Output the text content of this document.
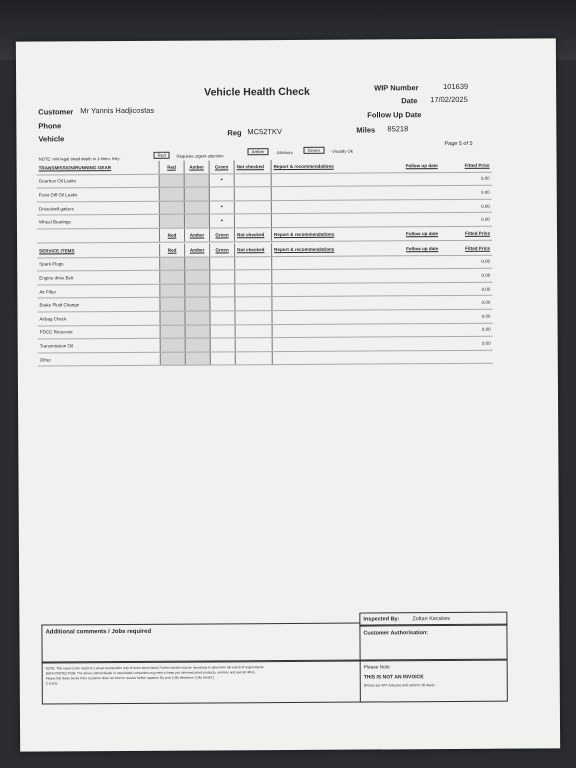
Vehicle Health Check
Customer Mr Yannis Hadjicostas
Phone
Vehicle
Reg MC52TKV
WIP Number	101639
Date 17/02/2025
Follow Up Date
Miles 85218
Page 5 of 5
NOTE: min legal tread depth is 1.6mm. Key:
Red	Requires urgent attention
Amber	- Advisory	Green	- Visually Ok
TRANSMISSION/RUNNING GEAR	Red	Amber	Green	Not checked	Report & recommendations	Follow up date	Fitted Price
Gearbox Oil Leaks			•				0.00
Front Diff Oil Leaks							0.00
Driveshaft gaiters			•				0.00
Wheel Bearings			•				0.00
	Red	Amber	Green	Not checked	Report & recommendations	Follow up date	Fitted Price
SERVICE ITEMS	Red	Amber	Green	Not checked	Report & recommendations	Follow up date	Fitted Price
Spark Plugs							0.00
Engine drive Belt							0.00
Air Filter							0.00
Brake Fluid Change							0.00
Airbag Check							0.00
PDCC Reservoir							0.00
Transmission Oil							0.00
Other							
Additional comments / Jobs required
Inspected By: Zoltan Kecskes
Customer Authorisation:
NOTE: This report is the result of a visual examination only of those items listed. Further checks may be necessary to determine full extent of requirements.
DATA PROTECTION: The above named dealer or associated companies may wish to keep you informed about products, services and special offers.
Please tick these boxes if the customer does not wish to receive further updates: By post [ ] By telephone [ ] By email [ ]
C.A.G.E.
Please Note
THIS IS NOT AN INVOICE
(Prices are VAT inclusive and valid for 30 days)
